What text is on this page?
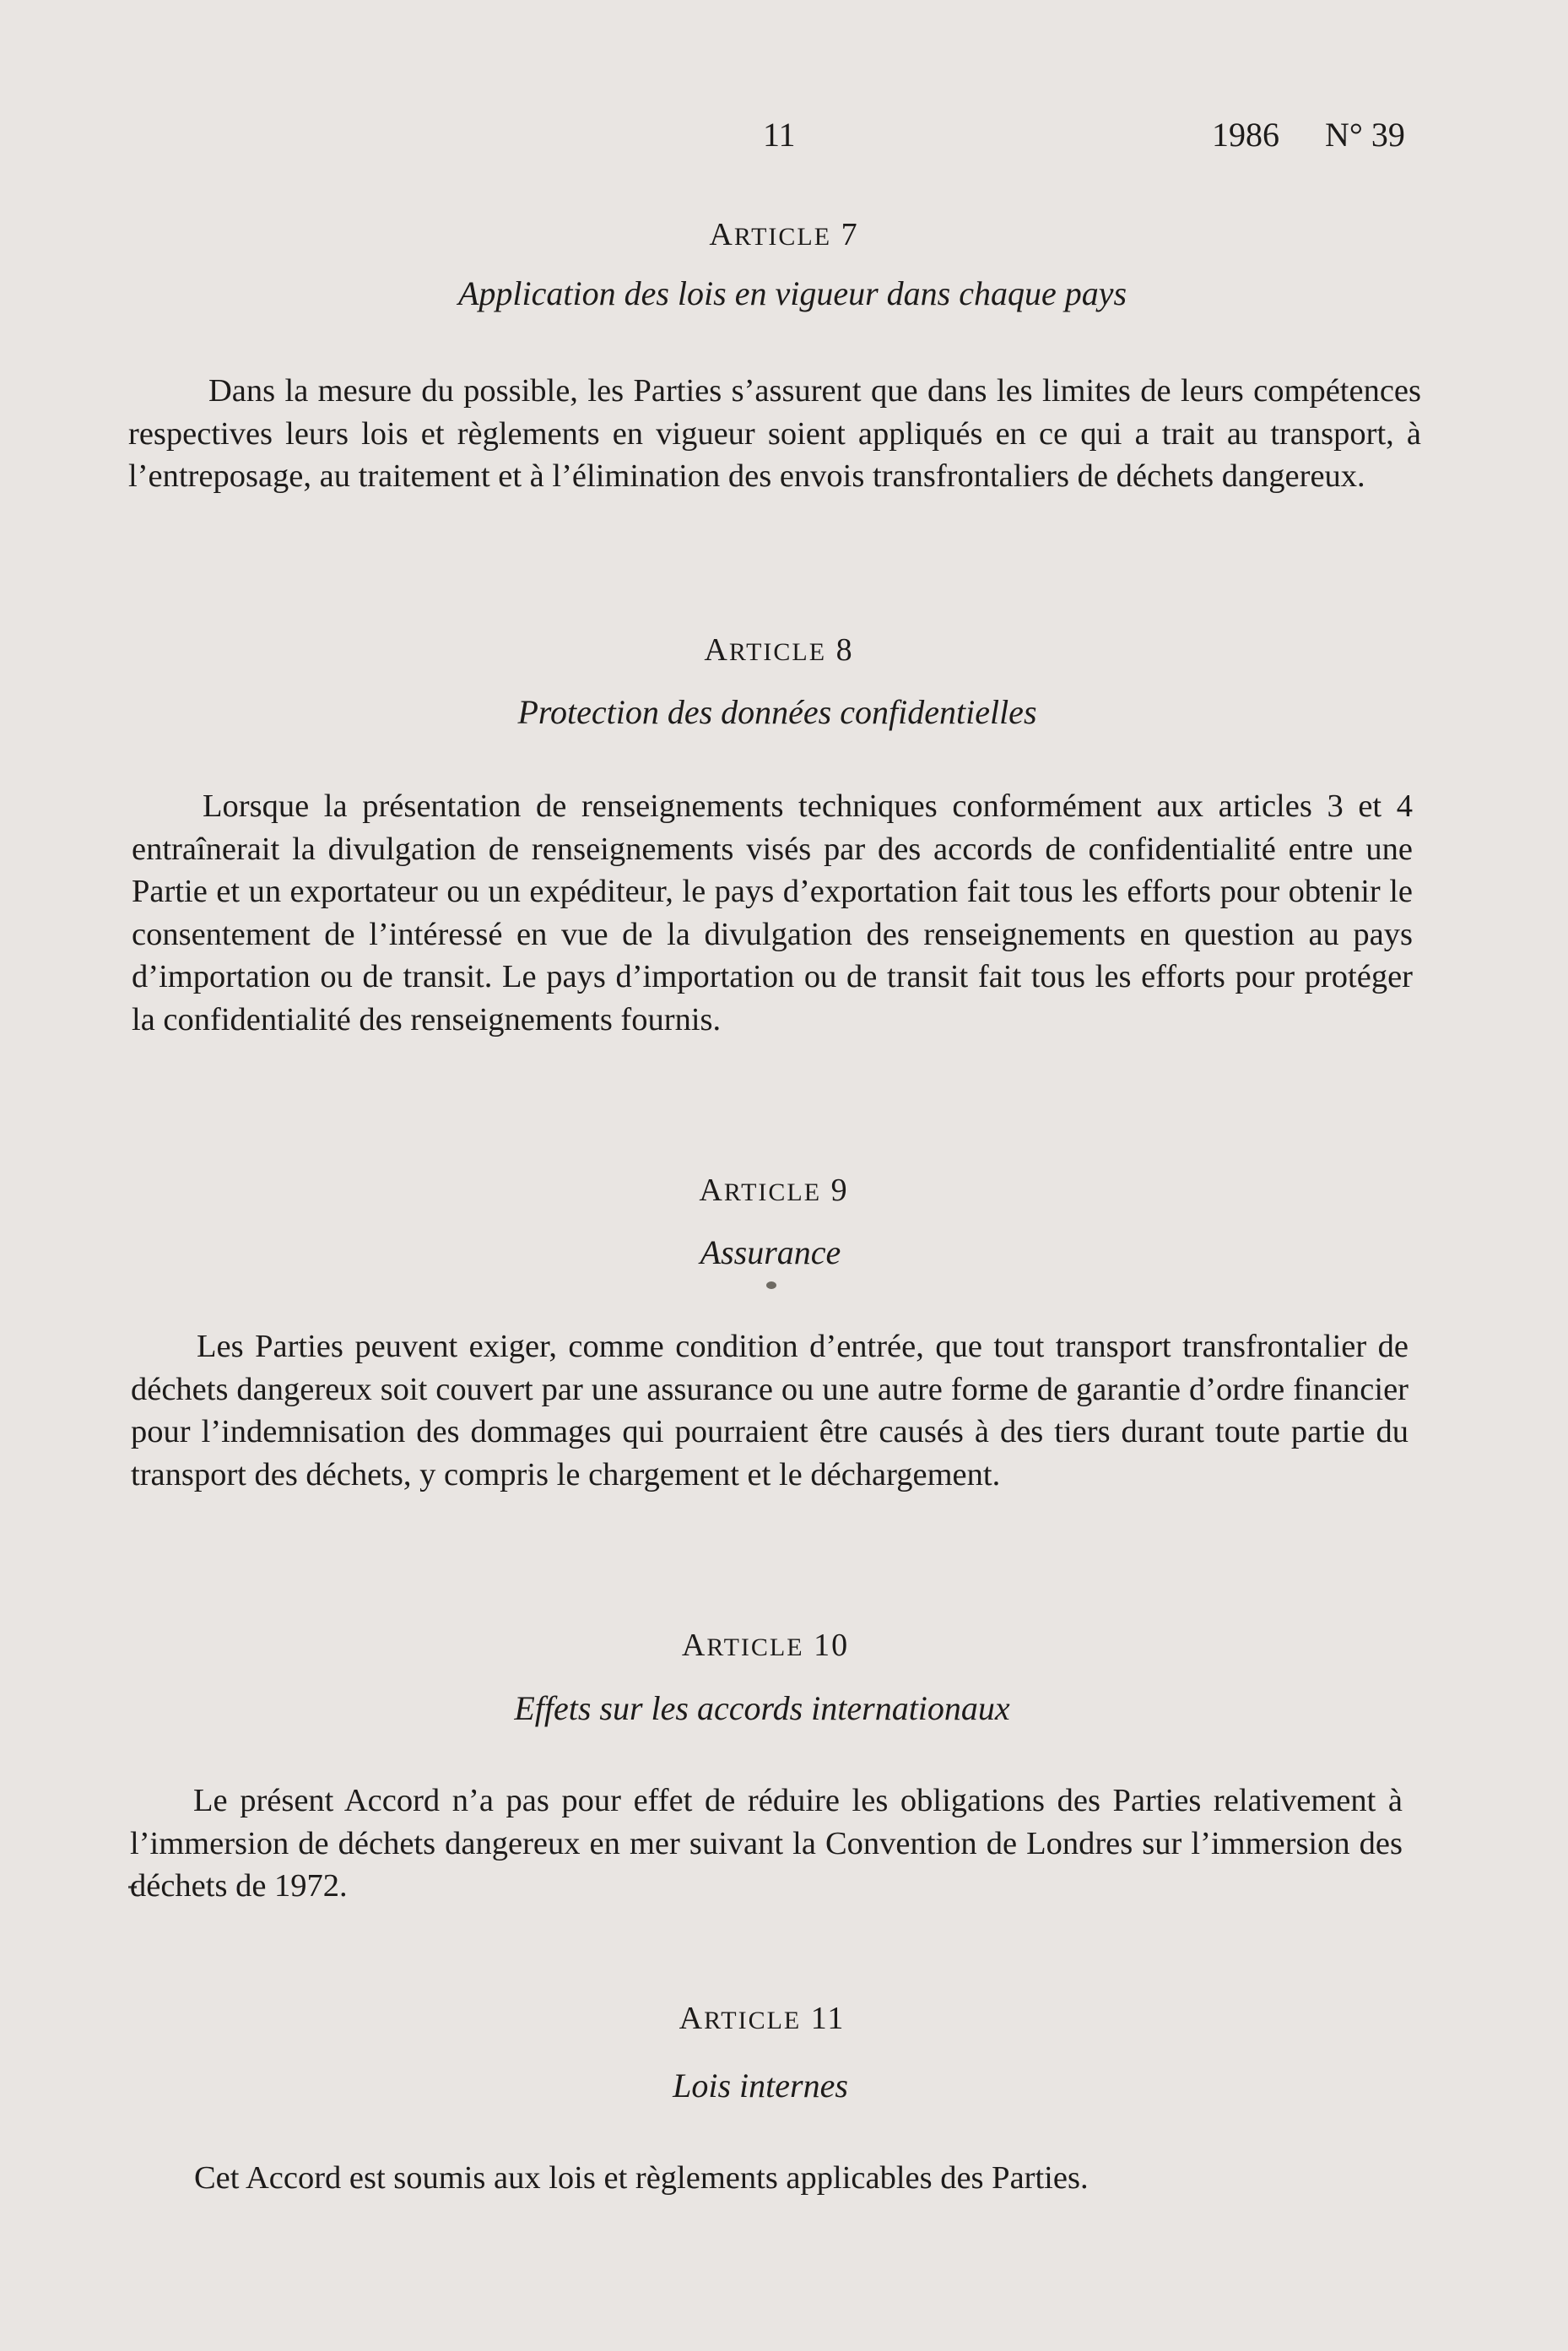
11	1986 N° 39
ARTICLE 7
Application des lois en vigueur dans chaque pays

Dans la mesure du possible, les Parties s’assurent que dans les limites de leurs compétences respectives leurs lois et règlements en vigueur soient appliqués en ce qui a trait au transport, à l’entreposage, au traitement et à l’élimination des envois transfrontaliers de déchets dangereux.

ARTICLE 8
Protection des données confidentielles

Lorsque la présentation de renseignements techniques conformément aux articles 3 et 4 entraînerait la divulgation de renseignements visés par des accords de confidentialité entre une Partie et un exportateur ou un expéditeur, le pays d’exportation fait tous les efforts pour obtenir le consentement de l’intéressé en vue de la divulgation des renseignements en question au pays d’importation ou de transit. Le pays d’importation ou de transit fait tous les efforts pour protéger la confidentialité des renseignements fournis.

ARTICLE 9
Assurance

Les Parties peuvent exiger, comme condition d’entrée, que tout transport transfrontalier de déchets dangereux soit couvert par une assurance ou une autre forme de garantie d’ordre financier pour l’indemnisation des dommages qui pourraient être causés à des tiers durant toute partie du transport des déchets, y compris le chargement et le déchargement.

ARTICLE 10
Effets sur les accords internationaux

Le présent Accord n’a pas pour effet de réduire les obligations des Parties relativement à l’immersion de déchets dangereux en mer suivant la Convention de Londres sur l’immersion des déchets de 1972.

ARTICLE 11
Lois internes

Cet Accord est soumis aux lois et règlements applicables des Parties.
